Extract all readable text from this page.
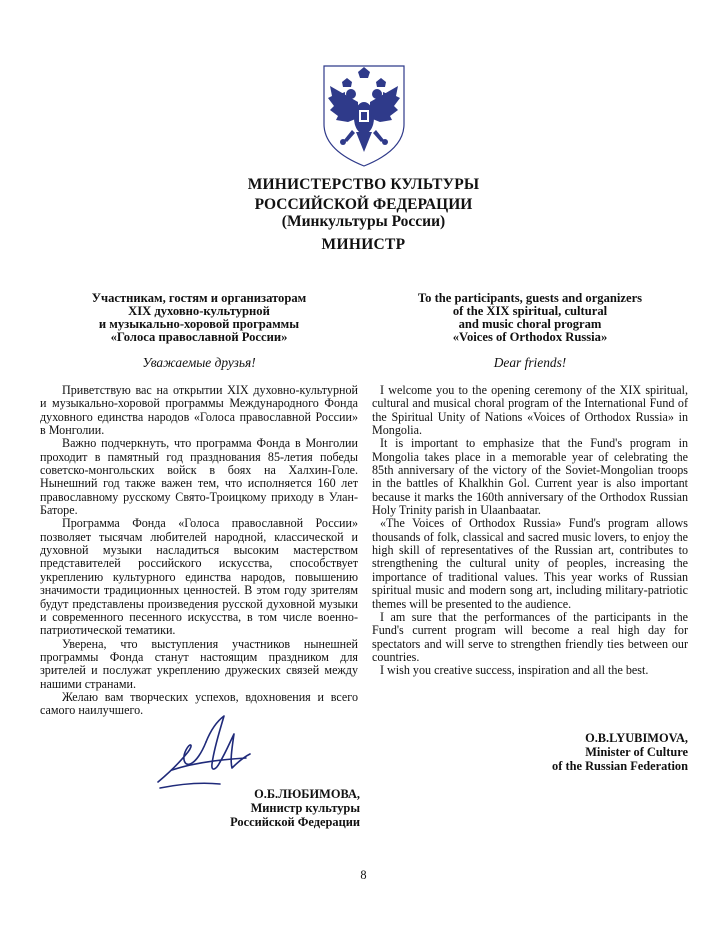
МИНИСТЕРСТВО КУЛЬТУРЫ
РОССИЙСКОЙ ФЕДЕРАЦИИ
(Минкультуры России)
МИНИСТР
Участникам, гостям и организаторам
XIX духовно-культурной
и музыкально-хоровой программы
«Голоса православной России»
Уважаемые друзья!

Приветствую вас на открытии XIX духовно-культурной и музыкально-хоровой программы Международного Фонда духовного единства народов «Голоса православной России» в Монголии.

Важно подчеркнуть, что программа Фонда в Монголии проходит в памятный год празднования 85-летия победы советско-монгольских войск в боях на Халхин-Голе. Нынешний год также важен тем, что исполняется 160 лет православному русскому Свято-Троицкому приходу в Улан-Баторе.

Программа Фонда «Голоса православной России» позволяет тысячам любителей народной, классической и духовной музыки насладиться высоким мастерством представителей российского искусства, способствует укреплению культурного единства народов, повышению значимости традиционных ценностей. В этом году зрителям будут представлены произведения русской духовной музыки и современного песенного искусства, в том числе военно-патриотической тематики.

Уверена, что выступления участников нынешней программы Фонда станут настоящим праздником для зрителей и послужат укреплению дружеских связей между нашими странами.

Желаю вам творческих успехов, вдохновения и всего самого наилучшего.

To the participants, guests and organizers
of the XIX spiritual, cultural
and music choral program
«Voices of Orthodox Russia»
Dear friends!

I welcome you to the opening ceremony of the XIX spiritual, cultural and musical choral program of the International Fund of the Spiritual Unity of Nations «Voices of Orthodox Russia» in Mongolia.

It is important to emphasize that the Fund's program in Mongolia takes place in a memorable year of celebrating the 85th anniversary of the victory of the Soviet-Mongolian troops in the battles of Khalkhin Gol. Current year is also important because it marks the 160th anniversary of the Orthodox Russian Holy Trinity parish in Ulaanbaatar.

«The Voices of Orthodox Russia» Fund's program allows thousands of folk, classical and sacred music lovers, to enjoy the high skill of representatives of the Russian art, contributes to strengthening the cultural unity of peoples, increasing the importance of traditional values. This year works of Russian spiritual music and modern song art, including military-patriotic themes will be presented to the audience.

I am sure that the performances of the participants in the Fund's current program will become a real high day for spectators and will serve to strengthen friendly ties between our countries.

I wish you creative success, inspiration and all the best.

O.B.LYUBIMOVA,
Minister of Culture
of the Russian Federation
О.Б.ЛЮБИМОВА,
Министр культуры
Российской Федерации
8
